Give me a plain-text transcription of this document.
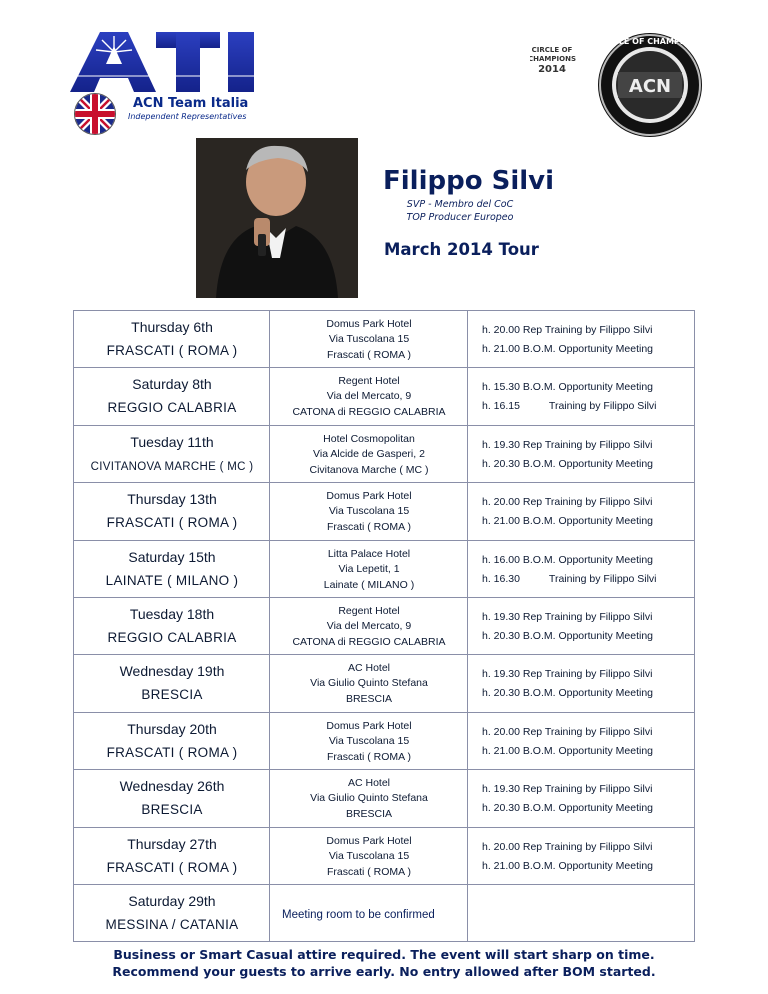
ACN Team Italia
Independent Representatives
ACN
CIRCLE OF CHAMPIONS
CIRCLE OF
CHAMPIONS
2014
Filippo Silvi
SVP - Membro del CoC
TOP Producer Europeo
March 2014 Tour
Thursday 6th
FRASCATI ( ROMA )
Domus Park Hotel
Via Tuscolana 15
Frascati ( ROMA )
h. 20.00 Rep Training by Filippo Silvi
h. 21.00 B.O.M. Opportunity Meeting
Saturday 8th
REGGIO CALABRIA
Regent Hotel
Via del Mercato, 9
CATONA di REGGIO CALABRIA
h. 15.30 B.O.M. Opportunity Meeting
h. 16.15          Training by Filippo Silvi
Tuesday 11th
CIVITANOVA MARCHE ( MC )
Hotel Cosmopolitan
Via Alcide de Gasperi, 2
Civitanova Marche ( MC )
h. 19.30 Rep Training by Filippo Silvi
h. 20.30 B.O.M. Opportunity Meeting
Thursday 13th
FRASCATI ( ROMA )
Domus Park Hotel
Via Tuscolana 15
Frascati ( ROMA )
h. 20.00 Rep Training by Filippo Silvi
h. 21.00 B.O.M. Opportunity Meeting
Saturday 15th
LAINATE ( MILANO )
Litta Palace Hotel
Via Lepetit, 1
Lainate ( MILANO )
h. 16.00 B.O.M. Opportunity Meeting
h. 16.30          Training by Filippo Silvi
Tuesday 18th
REGGIO CALABRIA
Regent Hotel
Via del Mercato, 9
CATONA di REGGIO CALABRIA
h. 19.30 Rep Training by Filippo Silvi
h. 20.30 B.O.M. Opportunity Meeting
Wednesday 19th
BRESCIA
AC Hotel
Via Giulio Quinto Stefana
BRESCIA
h. 19.30 Rep Training by Filippo Silvi
h. 20.30 B.O.M. Opportunity Meeting
Thursday 20th
FRASCATI ( ROMA )
Domus Park Hotel
Via Tuscolana 15
Frascati ( ROMA )
h. 20.00 Rep Training by Filippo Silvi
h. 21.00 B.O.M. Opportunity Meeting
Wednesday 26th
BRESCIA
AC Hotel
Via Giulio Quinto Stefana
BRESCIA
h. 19.30 Rep Training by Filippo Silvi
h. 20.30 B.O.M. Opportunity Meeting
Thursday 27th
FRASCATI ( ROMA )
Domus Park Hotel
Via Tuscolana 15
Frascati ( ROMA )
h. 20.00 Rep Training by Filippo Silvi
h. 21.00 B.O.M. Opportunity Meeting
Saturday 29th
MESSINA / CATANIA
Meeting room to be confirmed
Business or Smart Casual attire required. The event will start sharp on time.
Recommend your guests to arrive early. No entry allowed after BOM started.
